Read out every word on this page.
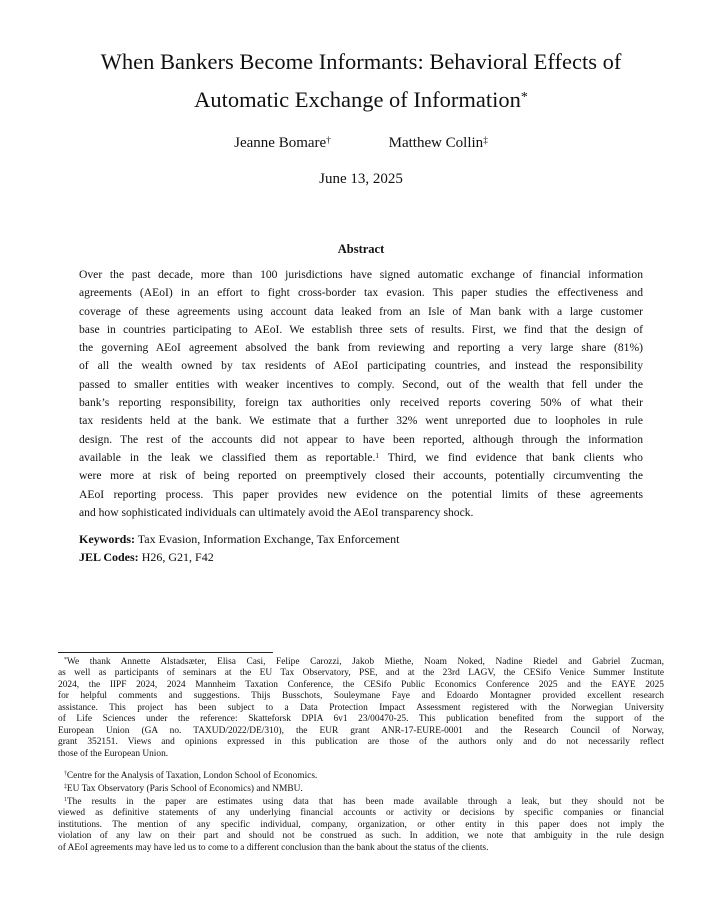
When Bankers Become Informants: Behavioral Effects of
Automatic Exchange of Information*
Jeanne Bomare†	Matthew Collin‡
June 13, 2025
Abstract
Over the past decade, more than 100 jurisdictions have signed automatic exchange of financial information
agreements (AEoI) in an effort to fight cross-border tax evasion. This paper studies the effectiveness and
coverage of these agreements using account data leaked from an Isle of Man bank with a large customer
base in countries participating to AEoI. We establish three sets of results. First, we find that the design of
the governing AEoI agreement absolved the bank from reviewing and reporting a very large share (81%)
of all the wealth owned by tax residents of AEoI participating countries, and instead the responsibility
passed to smaller entities with weaker incentives to comply. Second, out of the wealth that fell under the
bank’s reporting responsibility, foreign tax authorities only received reports covering 50% of what their
tax residents held at the bank. We estimate that a further 32% went unreported due to loopholes in rule
design. The rest of the accounts did not appear to have been reported, although through the information
available in the leak we classified them as reportable.$^1$ Third, we find evidence that bank clients who
were more at risk of being reported on preemptively closed their accounts, potentially circumventing the
AEoI reporting process. This paper provides new evidence on the potential limits of these agreements
and how sophisticated individuals can ultimately avoid the AEoI transparency shock.
Keywords: Tax Evasion, Information Exchange, Tax Enforcement
JEL Codes: H26, G21, F42
*We thank Annette Alstadsæter, Elisa Casi, Felipe Carozzi, Jakob Miethe, Noam Noked, Nadine Riedel and Gabriel Zucman,
as well as participants of seminars at the EU Tax Observatory, PSE, and at the 23rd LAGV, the CESifo Venice Summer Institute
2024, the IIPF 2024, 2024 Mannheim Taxation Conference, the CESifo Public Economics Conference 2025 and the EAYE 2025
for helpful comments and suggestions. Thijs Busschots, Souleymane Faye and Edoardo Montagner provided excellent research
assistance. This project has been subject to a Data Protection Impact Assessment registered with the Norwegian University
of Life Sciences under the reference: Skatteforsk DPIA 6v1 23/00470-25. This publication benefited from the support of the
European Union (GA no. TAXUD/2022/DE/310), the EUR grant ANR-17-EURE-0001 and the Research Council of Norway,
grant 352151. Views and opinions expressed in this publication are those of the authors only and do not necessarily reflect
those of the European Union.
†Centre for the Analysis of Taxation, London School of Economics.
‡EU Tax Observatory (Paris School of Economics) and NMBU.
$^1$The results in the paper are estimates using data that has been made available through a leak, but they should not be
viewed as definitive statements of any underlying financial accounts or activity or decisions by specific companies or financial
institutions. The mention of any specific individual, company, organization, or other entity in this paper does not imply the
violation of any law on their part and should not be construed as such. In addition, we note that ambiguity in the rule design
of AEoI agreements may have led us to come to a different conclusion than the bank about the status of the clients.
